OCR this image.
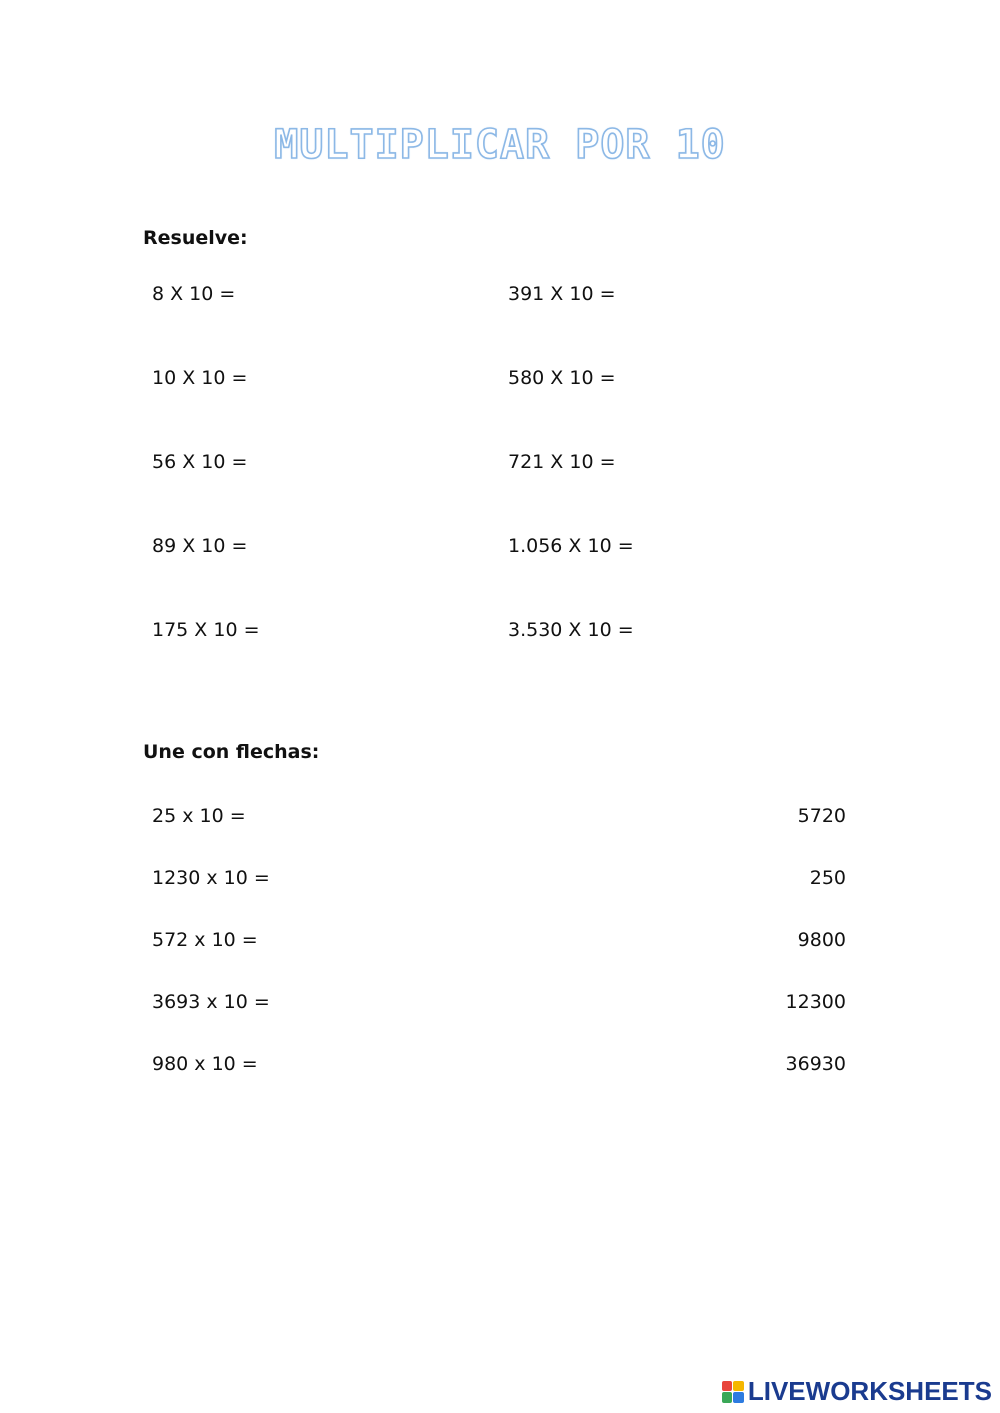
MULTIPLICAR POR 10
Resuelve:
8 X 10 =
10 X 10 =
56 X 10 =
89 X 10 =
175 X 10 =
391 X 10 =
580 X 10 =
721 X 10 =
1.056 X 10 =
3.530 X 10 =
Une con flechas:
25 x 10 =
1230 x 10 =
572 x 10 =
3693 x 10 =
980 x 10 =
5720
250
9800
12300
36930
LIVEWORKSHEETS
